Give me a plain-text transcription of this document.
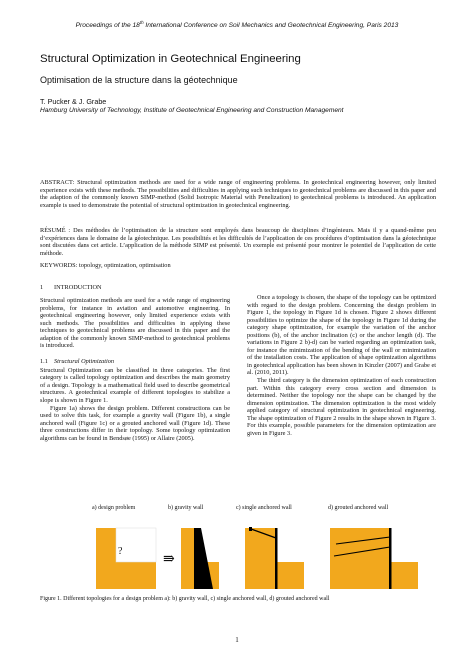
Proceedings of the 18th International Conference on Soil Mechanics and Geotechnical Engineering, Paris 2013
Structural Optimization in Geotechnical Engineering
Optimisation de la structure dans la géotechnique
T. Pucker & J. Grabe
Hamburg University of Technology, Institute of Geotechnical Engineering and Construction Management

ABSTRACT: Structural optimization methods are used for a wide range of engineering problems. In geotechnical engineering however, only limited experience exists with these methods. The possibilities and difficulties in applying such techniques to geotechnical problems are discussed in this paper and the adaption of the commonly known SIMP-method (Solid Isotropic Material with Penelization) to geotechnical problems is introduced. An application example is used to demonstrate the potential of structural optimization in geotechnical engineering.

RÉSUMÉ : Des méthodes de l’optimisation de la structure sont employés dans beaucoup de disciplines d’ingénieurs. Mais il y a quand-même peu d’expériences dans le domaine de la géotechnique. Les possibilités et les difficultés de l’application de ces procédures d’optimisation dans la géotechnique sont discutées dans cet article. L’application de la méthode SIMP est présenté. Un exemple est présenté pour montrer le potentiel de l’application de cette méthode.

KEYWORDS: topology, optimization, optimisation

1 INTRODUCTION

Structural optimization methods are used for a wide range of engineering problems, for instance in aviation and automotive engineering. In geotechnical engineering however, only limited experience exists with such methods. The possibilities and difficulties in applying these techniques to geotechnical problems are discussed in this paper and the adaption of the commonly known SIMP-method to geotechnical problems is introduced.

1.1 Structural Optimization

Structural Optimization can be classified in three categories. The first category is called topology optimization and describes the main geometry of a design. Topology is a mathematical field used to describe geometrical structures. A geotechnical example of different topologies to stabilize a slope is shown in Figure 1.

Figure 1a) shows the design problem. Different constructions can be used to solve this task, for example a gravity wall (Figure 1b), a single anchored wall (Figure 1c) or a grouted anchored wall (Figure 1d). These three constructions differ in their topology. Some topology optimization algorithms can be found in Bendsøe (1995) or Allaire (2005).

Once a topology is chosen, the shape of the topology can be optimized with regard to the design problem. Concerning the design problem in Figure 1, the topology in Figure 1d is chosen. Figure 2 shows different possibilities to optimize the shape of the topology in Figure 1d during the category shape optimization, for example the variation of the anchor positions (b), of the anchor inclination (c) or the anchor length (d). The variations in Figure 2 b)-d) can be varied regarding an optimization task, for instance the minimization of the bending of the wall or minimization of the installation costs. The application of shape optimization algorithms in geotechnical application has been shown in Kinzler (2007) and Grabe et al. (2010, 2011).

The third category is the dimension optimization of each construction part. Within this category every cross section and dimension is determined. Neither the topology nor the shape can be changed by the dimension optimization. The dimension optimization is the most widely applied category of structural optimization in geotechnical engineering. The shape optimization of Figure 2 results in the shape shown in Figure 3. For this example, possible parameters for the dimension optimization are given in Figure 3.

a) design problem	b) gravity wall	c) single anchored wall	d) grouted anchored wall
?
⇛
Figure 1. Different topologies for a design problem a): b) gravity wall, c) single anchored wall, d) grouted anchored wall
1
